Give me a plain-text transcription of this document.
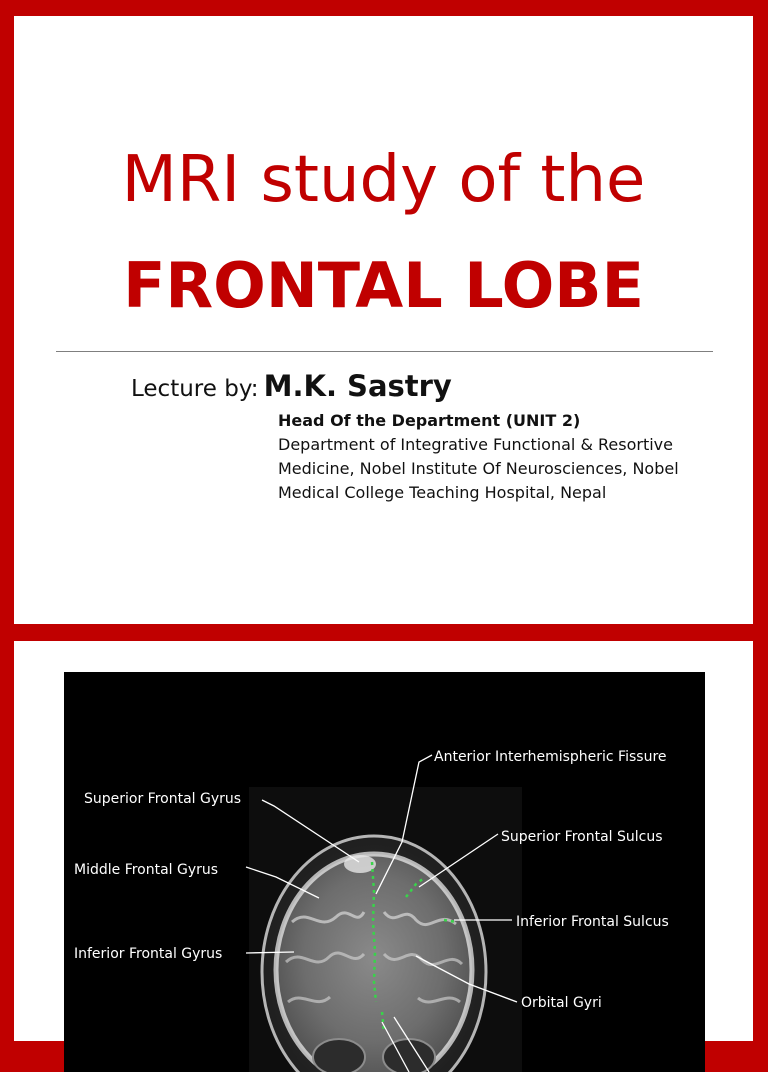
MRI study of the
FRONTAL LOBE
Lecture by: M.K. Sastry
Head Of the Department (UNIT 2)
Department of Integrative Functional & Resortive
Medicine, Nobel Institute Of Neurosciences, Nobel
Medical College Teaching Hospital, Nepal
Anterior Interhemispheric Fissure
Superior Frontal Gyrus
Superior Frontal Sulcus
Middle Frontal Gyrus
Inferior Frontal Sulcus
Inferior Frontal Gyrus
Orbital Gyri
